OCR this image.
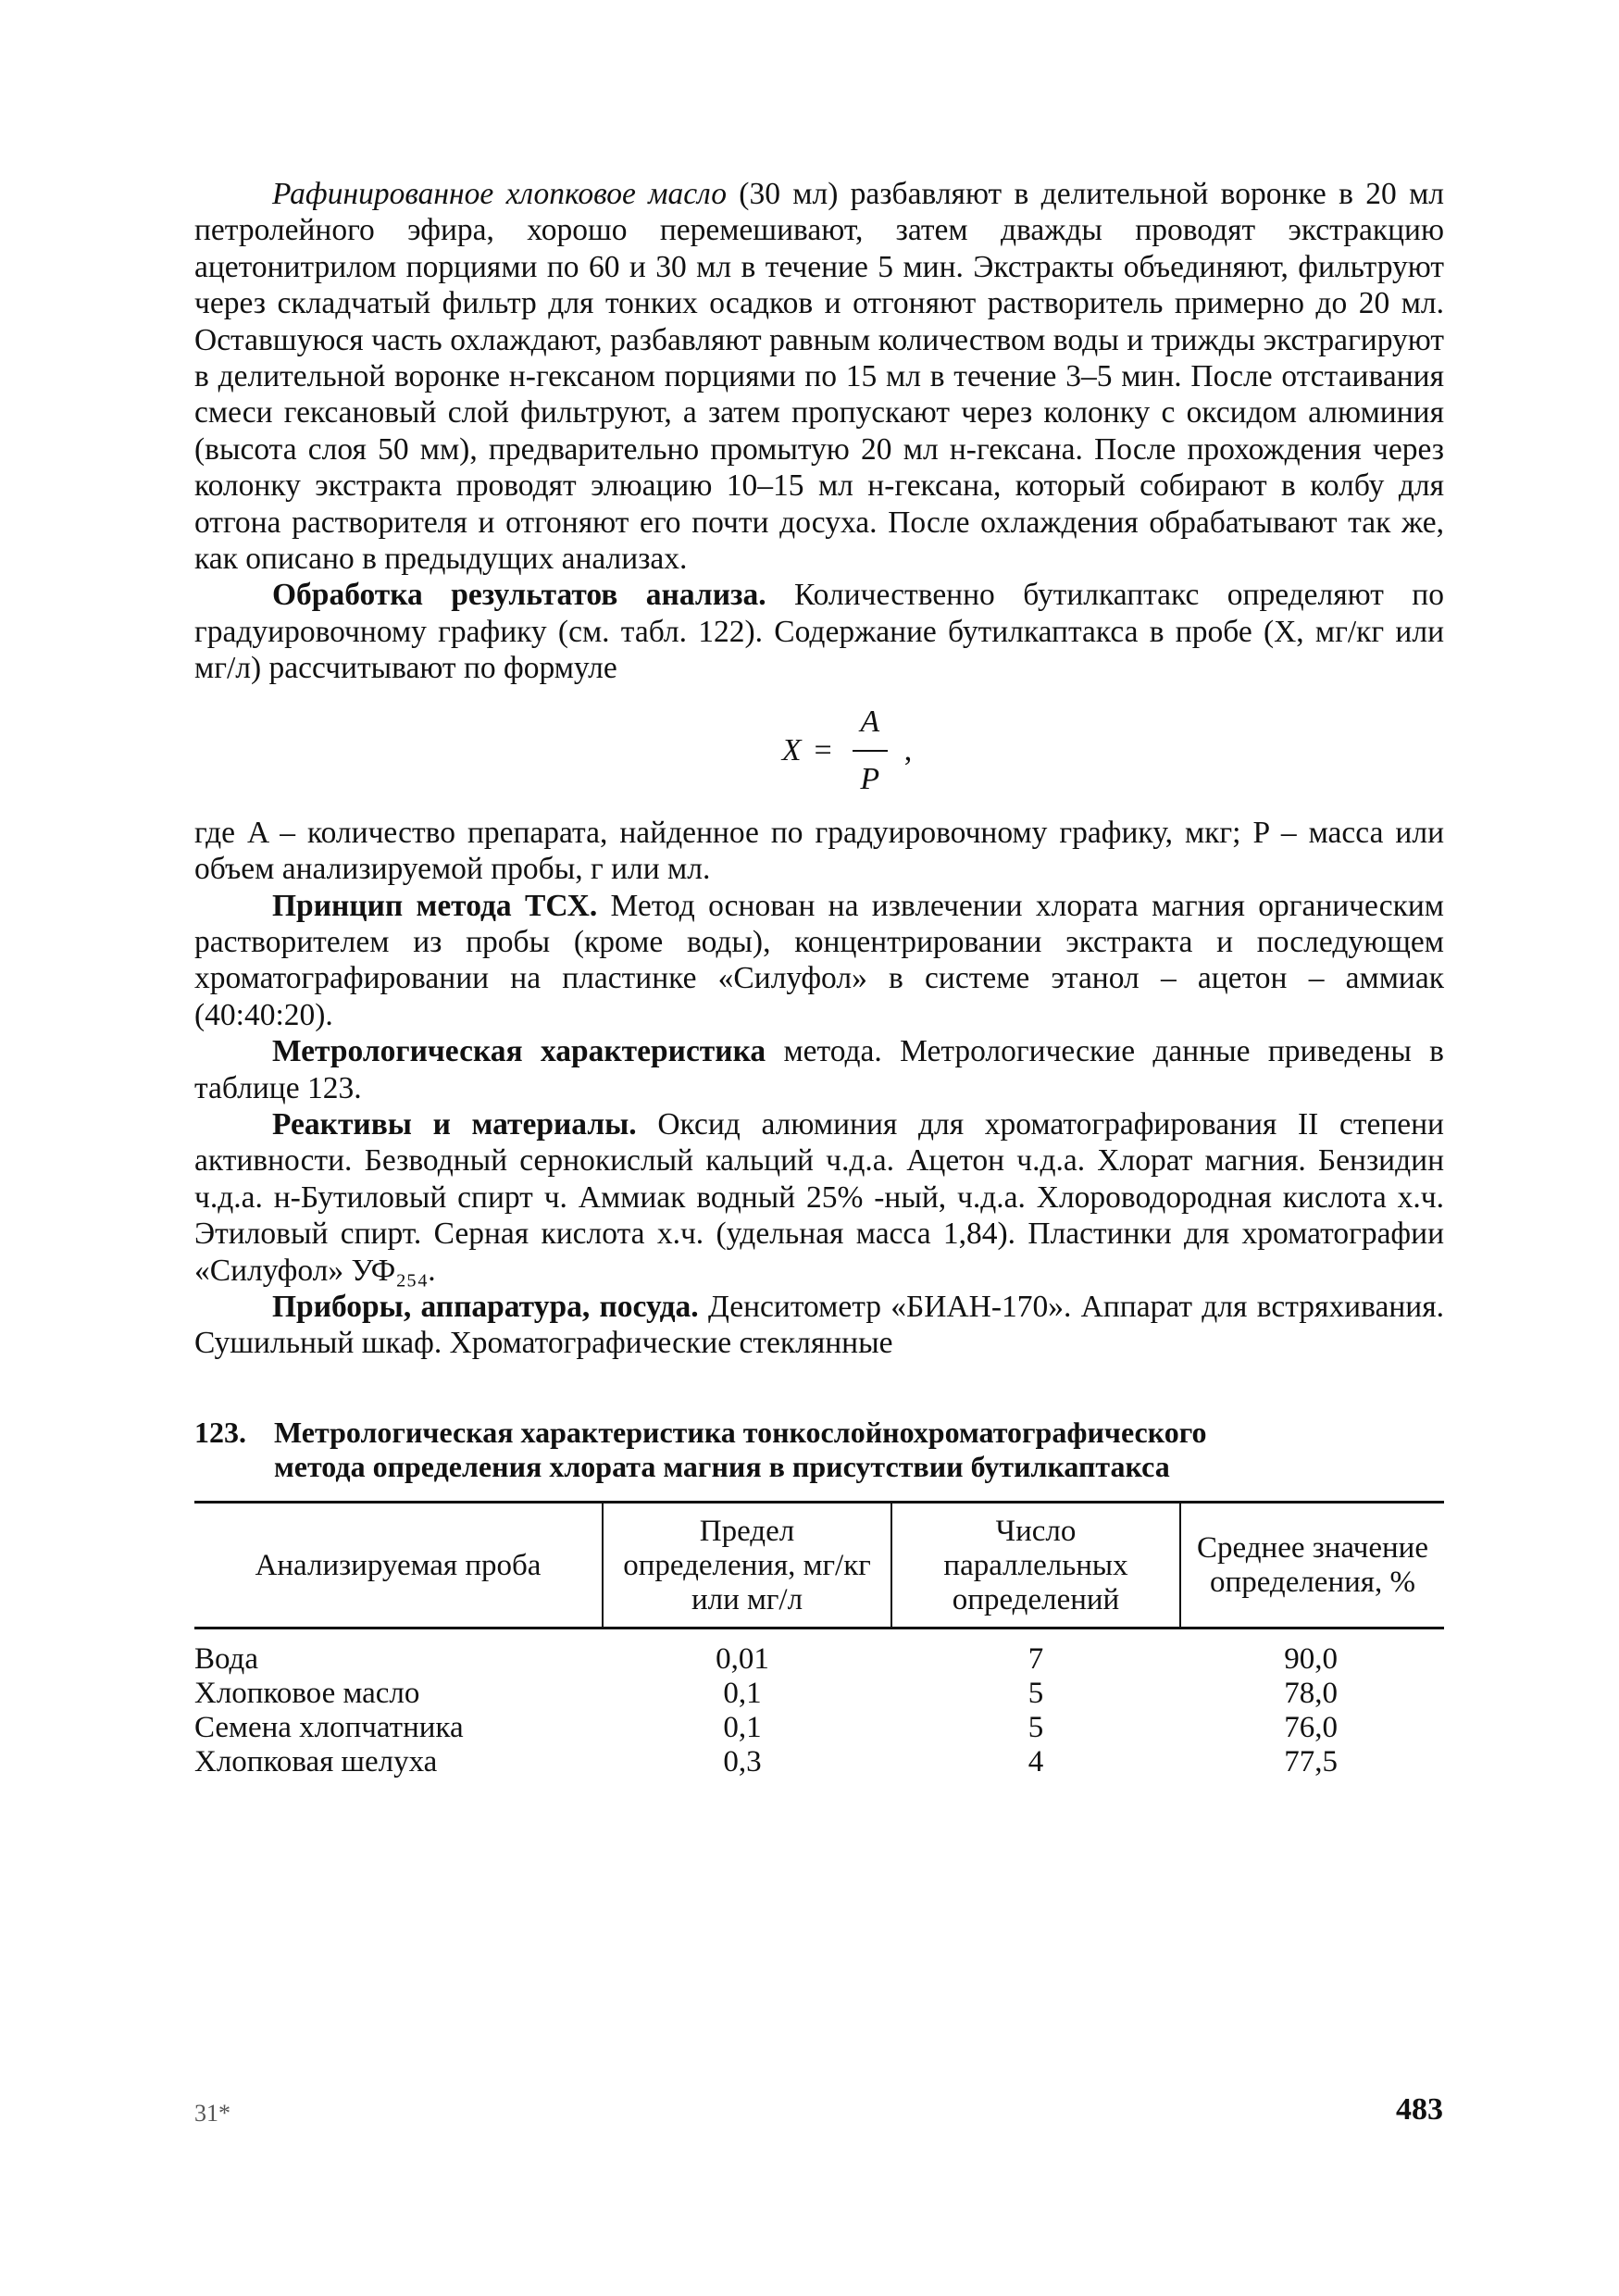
Рафинированное хлопковое масло (30 мл) разбавляют в делительной воронке в 20 мл петролейного эфира, хорошо перемешивают, затем дважды проводят экстракцию ацетонитрилом порциями по 60 и 30 мл в течение 5 мин. Экстракты объединяют, фильтруют через складчатый фильтр для тонких осадков и отгоняют растворитель примерно до 20 мл. Оставшуюся часть охлаждают, разбавляют равным количеством воды и трижды экстрагируют в делительной воронке н-гексаном порциями по 15 мл в течение 3–5 мин. После отстаивания смеси гексановый слой фильтруют, а затем пропускают через колонку с оксидом алюминия (высота слоя 50 мм), предварительно промытую 20 мл н-гексана. После прохождения через колонку экстракта проводят элюацию 10–15 мл н-гексана, который собирают в колбу для отгона растворителя и отгоняют его почти досуха. После охлаждения обрабатывают так же, как описано в предыдущих анализах.

Обработка результатов анализа. Количественно бутилкаптакс определяют по градуировочному графику (см. табл. 122). Содержание бутилкаптакса в пробе (X, мг/кг или мг/л) рассчитывают по формуле

$X = \frac{A}{P}$ ,

где A – количество препарата, найденное по градуировочному графику, мкг; P – масса или объем анализируемой пробы, г или мл.

Принцип метода ТСХ. Метод основан на извлечении хлората магния органическим растворителем из пробы (кроме воды), концентрировании экстракта и последующем хроматографировании на пластинке «Силуфол» в системе этанол – ацетон – аммиак (40:40:20).

Метрологическая характеристика метода. Метрологические данные приведены в таблице 123.

Реактивы и материалы. Оксид алюминия для хроматографирования II степени активности. Безводный сернокислый кальций ч.д.а. Ацетон ч.д.а. Хлорат магния. Бензидин ч.д.а. н-Бутиловый спирт ч. Аммиак водный 25% -ный, ч.д.а. Хлороводородная кислота х.ч. Этиловый спирт. Серная кислота х.ч. (удельная масса 1,84). Пластинки для хроматографии «Силуфол» УФ₂₅₄.

Приборы, аппаратура, посуда. Денситометр «БИАН-170». Аппарат для встряхивания. Сушильный шкаф. Хроматографические стеклянные

123. Метрологическая характеристика тонкослойнохроматографического метода определения хлората магния в присутствии бутилкаптакса
Анализируемая проба	Предел определения, мг/кг или мг/л	Число параллельных определений	Среднее значение определения, %
Вода	0,01	7	90,0
Хлопковое масло	0,1	5	78,0
Семена хлопчатника	0,1	5	76,0
Хлопковая шелуха	0,3	4	77,5
31*	483
